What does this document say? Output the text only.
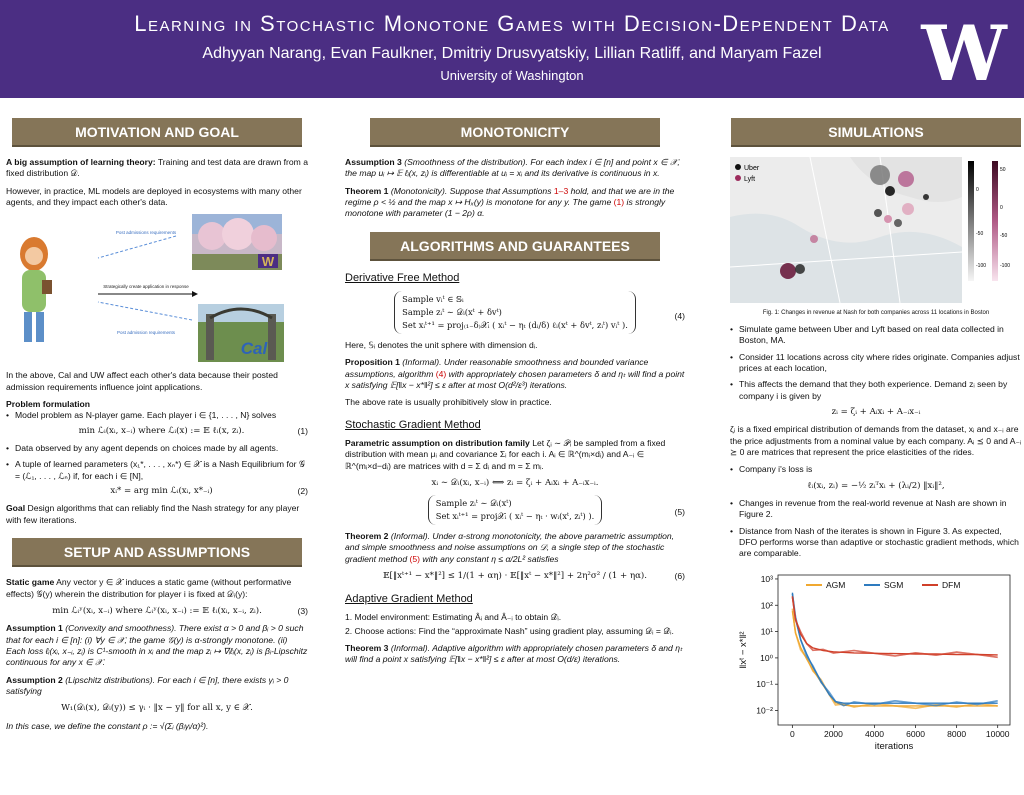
Learning in Stochastic Monotone Games with Decision-Dependent Data
Adhyyan Narang, Evan Faulkner, Dmitriy Drusvyatskiy, Lillian Ratliff, and Maryam Fazel
University of Washington	W
MOTIVATION AND GOAL

A big assumption of learning theory: Training and test data are drawn from a fixed distribution 𝒟.

However, in practice, ML models are deployed in ecosystems with many other agents, and they impact each other's data.

Post admissions requirements
Strategically create application in response
Post admission requirements
W
Cal

In the above, Cal and UW affect each other's data because their posted admission requirements influence joint applications.

Problem formulation
• Model problem as N-player game. Each player i ∈ {1, . . . , N} solves
min ℒᵢ(xᵢ, x₋ᵢ) where ℒᵢ(x) := 𝔼 ℓᵢ(x, zᵢ).	(1)
• Data observed by any agent depends on choices made by all agents.
• A tuple of learned parameters (x₁*, . . . , xₙ*) ∈ 𝒳 is a Nash Equilibrium for 𝒢 = (ℒ₁, . . . , ℒₙ) if, for each i ∈ [N],
xᵢ* = arg min ℒᵢ(xᵢ, x*₋ᵢ)	(2)

Goal Design algorithms that can reliably find the Nash strategy for any player with few iterations.

SETUP AND ASSUMPTIONS

Static game Any vector y ∈ 𝒳 induces a static game (without performative effects) 𝒢(y) wherein the distribution for player i is fixed at 𝒟ᵢ(y):

min ℒᵢʸ(xᵢ, x₋ᵢ) where ℒᵢʸ(xᵢ, x₋ᵢ) := 𝔼 ℓᵢ(xᵢ, x₋ᵢ, zᵢ).	(3)

Assumption 1 (Convexity and smoothness). There exist α > 0 and βᵢ > 0 such that for each i ∈ [n]: (i) ∀y ∈ 𝒳, the game 𝒢(y) is α-strongly monotone. (ii) Each loss ℓᵢ(xᵢ, x₋ᵢ, zᵢ) is C¹-smooth in xᵢ and the map zᵢ ↦ ∇ᵢℓᵢ(x, zᵢ) is βᵢ-Lipschitz continuous for any x ∈ 𝒳.

Assumption 2 (Lipschitz distributions). For each i ∈ [n], there exists γᵢ > 0 satisfying

W₁(𝒟ᵢ(x), 𝒟ᵢ(y)) ≤ γᵢ · ‖x − y‖ for all x, y ∈ 𝒳.

In this case, we define the constant ρ := √(Σᵢ (βᵢγᵢ/α)²).

MONOTONICITY

Assumption 3 (Smoothness of the distribution). For each index i ∈ [n] and point x ∈ 𝒳, the map uᵢ ↦ 𝔼 ℓᵢ(x, zᵢ) is differentiable at uᵢ = xᵢ and its derivative is continuous in x.

Theorem 1 (Monotonicity). Suppose that Assumptions 1–3 hold, and that we are in the regime ρ < ½ and the map x ↦ Hₓ(y) is monotone for any y. The game (1) is strongly monotone with parameter (1 − 2ρ) α.

ALGORITHMS AND GUARANTEES
Derivative Free Method
Sample vᵢᵗ ∈ 𝕊ᵢ
Sample zᵢᵗ ∼ 𝒟ᵢ(xᵗ + δvᵗ)
Set xᵢᵗ⁺¹ = proj₍₁₋δ₎𝒳ᵢ ( xᵢᵗ − ηₜ (dᵢ/δ) ℓᵢ(xᵗ + δvᵗ, zᵢᵗ) vᵢᵗ ).
(4)

Here, 𝕊ᵢ denotes the unit sphere with dimension dᵢ.

Proposition 1 (Informal). Under reasonable smoothness and bounded variance assumptions, algorithm (4) with appropriately chosen parameters δ and ηₜ will find a point x satisfying 𝔼[‖x − x*‖²] ≤ ε after at most O(d²/ε³) iterations.

The above rate is usually prohibitively slow in practice.

Stochastic Gradient Method

Parametric assumption on distribution family Let ζᵢ ∼ 𝒫ᵢ be sampled from a fixed distribution with mean μᵢ and covariance Σᵢ for each i. Aᵢ ∈ ℝ^(mᵢ×dᵢ) and A₋ᵢ ∈ ℝ^(mᵢ×d−dᵢ) are matrices with d = Σ dᵢ and m = Σ mᵢ.

xᵢ ∼ 𝒟ᵢ(xᵢ, x₋ᵢ) ⟺ zᵢ = ζᵢ + Aᵢxᵢ + A₋ᵢx₋ᵢ.
Sample zᵢᵗ ∼ 𝒟ᵢ(xᵗ)
Set xᵢᵗ⁺¹ = proj𝒳ᵢ ( xᵢᵗ − ηₜ · wᵢ(xᵗ, zᵢᵗ) ).	(5)

Theorem 2 (Informal). Under α-strong monotonicity, the above parametric assumption, and simple smoothness and noise assumptions on 𝒟, a single step of the stochastic gradient method (5) with any constant η ≤ α/2L² satisfies

𝔼[‖xᵗ⁺¹ − x*‖²] ≤ 1/(1 + αη) · 𝔼[‖xᵗ − x*‖²] + 2η²σ² / (1 + ηα).	(6)
Adaptive Gradient Method
1. Model environment: Estimating Âᵢ and Â₋ᵢ to obtain 𝒟̂ᵢ.
2. Choose actions: Find the “approximate Nash” using gradient play, assuming 𝒟ᵢ = 𝒟̂ᵢ.

Theorem 3 (Informal). Adaptive algorithm with appropriately chosen parameters δ and ηₜ will find a point x satisfying 𝔼[‖x − x*‖²] ≤ ε after at most O(d/ε) iterations.

SIMULATIONS
Uber
Lyft
0
-50
-100
50
0
-50
-100
Fig. 1: Changes in revenue at Nash for both companies across 11 locations in Boston
• Simulate game between Uber and Lyft based on real data collected in Boston, MA.
• Consider 11 locations across city where rides originate. Companies adjust prices at each location,
• This affects the demand that they both experience. Demand zᵢ seen by company i is given by
zᵢ = ζᵢ + Aᵢxᵢ + A₋ᵢx₋ᵢ

ζᵢ is a fixed empirical distribution of demands from the dataset, xᵢ and x₋ᵢ are the price adjustments from a nominal value by each company. Aᵢ ⪯ 0 and A₋ᵢ ⪰ 0 are matrices that represent the price elasticities of the rides.

• Company i's loss is
ℓᵢ(xᵢ, zᵢ) = −½ zᵢᵀxᵢ + (λᵢ/2) ‖xᵢ‖²,
• Changes in revenue from the real-world revenue at Nash are shown in Figure 2.
• Distance from Nash of the iterates is shown in Figure 3. As expected, DFO performs worse than adaptive or stochastic gradient methods, which are comparable.
0	2000	4000	6000	8000 10000
10⁻²
10⁻¹
10⁰
10¹
10²
10³
iterations
‖xᵗ − x*‖²
AGM	SGM	DFM
